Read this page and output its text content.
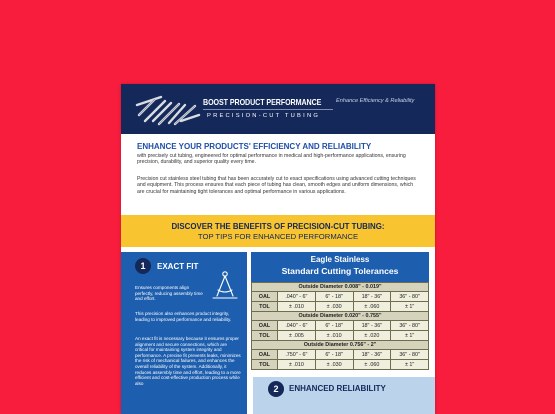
BOOST PRODUCT PERFORMANCE
PRECISION-CUT TUBING
Enhance Efficiency & Reliability
ENHANCE YOUR PRODUCTS' EFFICIENCY AND RELIABILITY
with precisely cut tubing, engineered for optimal performance in medical and high-performance applications, ensuring precision, durability, and superior quality every time.
Precision cut stainless steel tubing that has been accurately cut to exact specifications using advanced cutting techniques and equipment. This process ensures that each piece of tubing has clean, smooth edges and uniform dimensions, which are crucial for maintaining tight tolerances and optimal performance in various applications.
DISCOVER THE BENEFITS OF PRECISION-CUT TUBING:
TOP TIPS FOR ENHANCED PERFORMANCE
1	EXACT FIT
Ensures components align perfectly, reducing assembly time and effort.
This precision also enhances product integrity, leading to improved performance and reliability.
An exact fit is necessary because it ensures proper alignment and secure connections, which are critical for maintaining system integrity and performance. A precise fit prevents leaks, minimizes the risk of mechanical failures, and enhances the overall reliability of the system. Additionally, it reduces assembly time and effort, leading to a more efficient and cost-effective production process while also
Eagle Stainless
Standard Cutting Tolerances
Outside Diameter 0.008" - 0.019"				
OAL	.040" - 6"	6" - 18"	18" - 36"	36" - 80"
TOL	± .010	± .030	± .060	± 1"
Outside Diameter 0.020" - 0.755"				
OAL	.040" - 6"	6" - 18"	18" - 36"	36" - 80"
TOL	± .005	± .010	± .020	± 1"
Outside Diameter 0.756" - 2"				
OAL	.750" - 6"	6" - 18"	18" - 36"	36" - 80"
TOL	± .010	± .030	± .060	± 1"
2	ENHANCED RELIABILITY
